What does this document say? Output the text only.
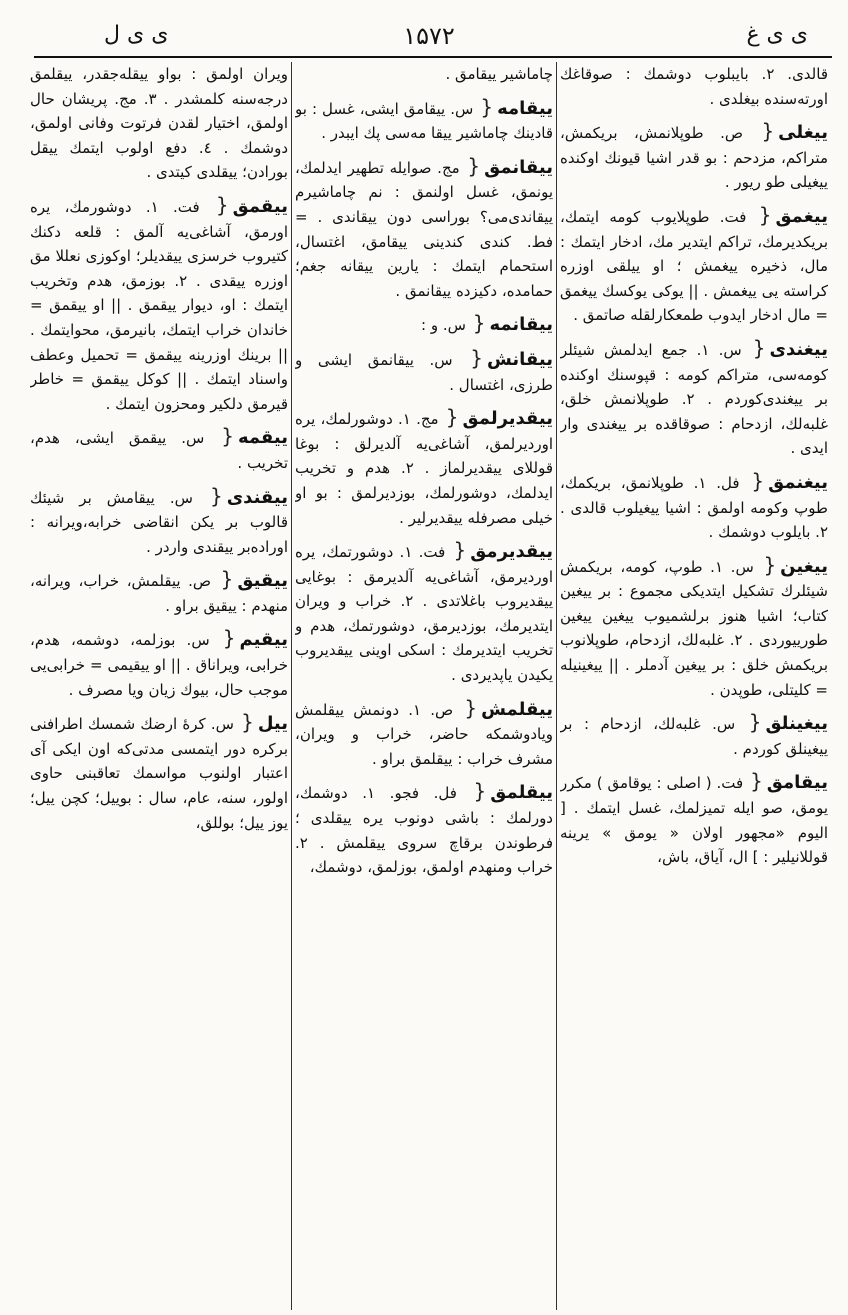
ی ی غ
۱۵۷۲
ی ی ل
قالدی. ۲. بایبلوب دوشمك : صوقاغك اورته‌سنده بیغلدی .
ییغلی{ ص. طوپلانمش، بریکمش، متراکم، مزدحم : بو قدر اشیا قیونك اوکنده ییغیلی طو ریور .
ییغمق{ فت. طوپلایوب کومه ایتمك، بریکدیرمك، تراکم ایتدیر مك، ادخار ایتمك : مال، ذخیره ییغمش ؛ او ییلقی اوزره کراسته یی ییغمش . || یوکی یوکسك ییغمق = مال ادخار ایدوب طمعکارلقله صاتمق .
ییغندی{ س. ۱. جمع ایدلمش شیئلر کومه‌سی، متراکم کومه : قپوسنك اوکنده بر ییغندی‌کوردم . ۲. طوپلانمش خلق، غلبه‌لك، ازدحام : صوقاقده بر ییغندی وار ایدی .
ییغنمق{ فل. ۱. طوپلانمق، بریکمك، طوپ وکومه اولمق : اشیا ییغیلوب قالدی . ۲. بایلوب دوشمك .
ییغین{ س. ۱. طوپ، کومه، بریکمش شیئلرك تشکیل ایتدیکی مجموع : بر ییغین کتاب؛ اشیا هنوز برلشمیوب ییغین ییغین طورییوردی . ۲. غلبه‌لك، ازدحام، طوپلانوب بریکمش خلق : بر ییغین آدملر . || ییغینیله = کلیتلی، طوپدن .
ییغینلق{ س. غلبه‌لك، ازدحام : بر ییغینلق کوردم .
ییقامق{ فت. ( اصلی : یوقامق ) مکرر یومق، صو ایله تمیزلمك، غسل ایتمك . [ الیوم «مجهور اولان « یومق » یرینه قوللانیلیر : ] ال، آیاق، باش،
چاماشیر ییقامق .
ییقامه{ س. ییقامق ایشی، غسل : بو قادینك چاماشیر ییقا مه‌سی پك ایبدر .
ییقانمق{ مج. صوایله تطهیر ایدلمك، یونمق، غسل اولنمق : نم چاماشیرم ییقاندی‌می؟ بوراسی دون ییقاندی . = فط. کندی کندینی ییقامق، اغتسال، استحمام ایتمك : یارین ییقانه جغم؛ حمامده، دکیزده ییقانمق .
ییقانمه{ س. و :
ییقانش{ س. ییقانمق ایشی و طرزی، اغتسال .
ییقدیرلمق{ مج. ۱. دوشورلمك، یره اوردیرلمق، آشاغی‌یه آلدیرلق : بوغا قوللای ییقدیرلماز . ۲. هدم و تخریب ایدلمك، دوشورلمك، بوزدیرلمق : بو او خیلی مصرفله ییقدیرلیر .
ییقدیرمق{ فت. ۱. دوشورتمك، یره اوردیرمق، آشاغی‌یه آلدیرمق : بوغایی ییقدیروب باغلاتدی . ۲. خراب و ویران ایتدیرمك، بوزدیرمق، دوشورتمك، هدم و تخریب ایتدیرمك : اسکی اوینی ییقدیروب یکیدن یاپدیردی .
ییقلمش{ ص. ۱. دونمش ییقلمش ویادوشمکه حاضر، خراب و ویران، مشرف خراب : ییقلمق براو .
ییقلمق{ فل. فجو. ۱. دوشمك، دورلمك : باشی دونوب یره ییقلدی ؛ فرطوندن برقاچ سروی ییقلمش . ۲. خراب ومنهدم اولمق، بوزلمق، دوشمك،
ویران اولمق : بواو ییقله‌جقدر، ییقلمق درجه‌سنه کلمشدر . ۳. مج. پریشان حال اولمق، اختیار لقدن فرتوت وفانی اولمق، دوشمك . ٤. دفع اولوب ایتمك ییقل بورادن؛ ییقلدی کیتدی .
ییقمق{ فت. ۱. دوشورمك، یره اورمق، آشاغی‌یه آلمق : قلعه دکنك کتیروب خرسزی ییقدیلر؛ اوکوزی نعللا مق اوزره ییقدی . ۲. بوزمق، هدم وتخریب ایتمك : او، دیوار ییقمق . || او ییقمق = خاندان خراب ایتمك، بانیرمق، محوایتمك . || برینك اوزرینه ییقمق = تحمیل وعطف واسناد ایتمك . || کوکل ییقمق = خاطر قیرمق دلکیر ومحزون ایتمك .
ییقمه{ س. ییقمق ایشی، هدم، تخریب .
ییقندی{ س. ییقامش بر شیئك قالوب بر یکن انقاضی خرابه،ویرانه : اوراده‌بر ییقندی واردر .
ییقیق{ ص. ییقلمش، خراب، ویرانه، منهدم : ییقیق براو .
ییقیم{ س. بوزلمه، دوشمه، هدم، خرابی، ویراناق . || او ییقیمی = خرابی‌یی موجب حال، بیوك زیان ویا مصرف .
ییل{ س. کرهٔ ارضك شمسك اطرافنی برکره دور ایتمسی مدتی‌که اون ایکی آی اعتبار اولنوب مواسمك تعاقبنی حاوی اولور، سنه، عام، سال : بوییل؛ کچن ییل؛ یوز ییل؛ بوللق،
